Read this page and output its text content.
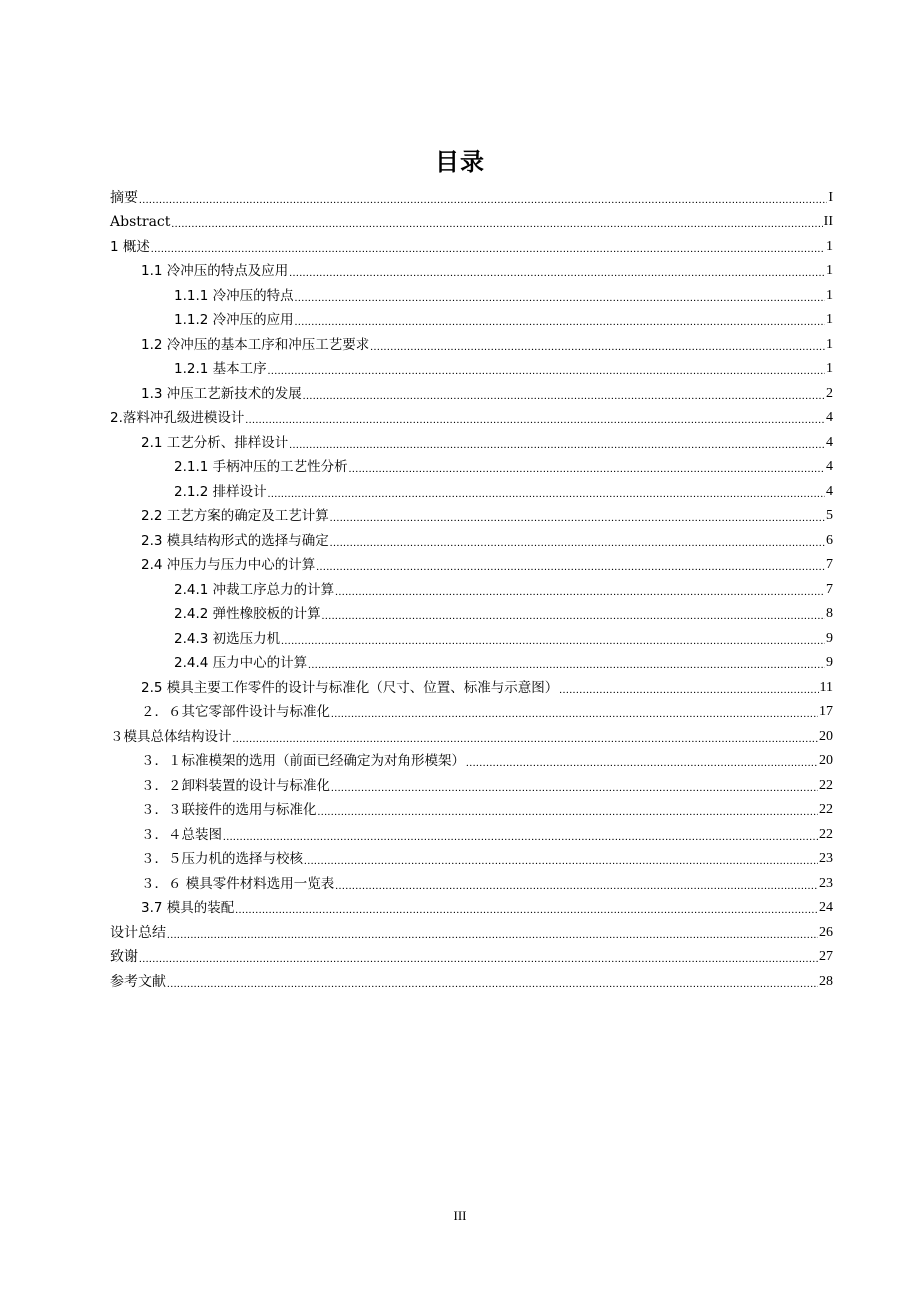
目录
摘要 .....	I
Abstract .....	II
1 概述 .....	1
1.1 冷冲压的特点及应用 .....	1
1.1.1 冷冲压的特点 .....	1
1.1.2 冷冲压的应用 .....	1
1.2 冷冲压的基本工序和冲压工艺要求 .....	1
1.2.1 基本工序 .....	1
1.3 冲压工艺新技术的发展 .....	2
2.落料冲孔级进模设计 .....	4
2.1 工艺分析、排样设计 .....	4
2.1.1 手柄冲压的工艺性分析 .....	4
2.1.2 排样设计 .....	4
2.2 工艺方案的确定及工艺计算 .....	5
2.3 模具结构形式的选择与确定 .....	6
2.4 冲压力与压力中心的计算 .....	7
2.4.1 冲裁工序总力的计算 .....	7
2.4.2 弹性橡胶板的计算 .....	8
2.4.3 初选压力机 .....	9
2.4.4 压力中心的计算 .....	9
2.5 模具主要工作零件的设计与标准化（尺寸、位置、标准与示意图） .....	11
２．６其它零部件设计与标准化 .....	17
３模具总体结构设计 .....	20
３．１标准模架的选用（前面已经确定为对角形模架） .....	20
３．２卸料装置的设计与标准化 .....	22
３．３联接件的选用与标准化 .....	22
３．４总装图 .....	22
３．５压力机的选择与校核 .....	23
３．６ 模具零件材料选用一览表 .....	23
3.7 模具的装配 .....	24
设计总结 .....	26
致谢 .....	27
参考文献 .....	28
III
